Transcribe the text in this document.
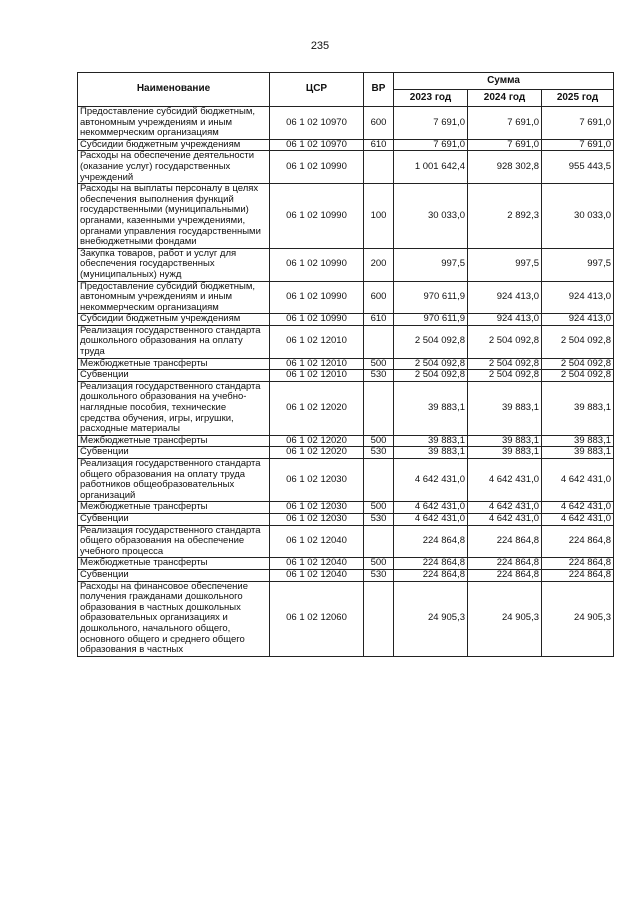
235
Наименование	ЦСР	ВР	Сумма		
			2023 год	2024 год	2025 год
Предоставление субсидий бюджетным, автономным учреждениям и иным некоммерческим организациям	06 1 02 10970	600	7 691,0	7 691,0	7 691,0
Субсидии бюджетным учреждениям	06 1 02 10970	610	7 691,0	7 691,0	7 691,0
Расходы на обеспечение деятельности (оказание услуг) государственных учреждений	06 1 02 10990		1 001 642,4	928 302,8	955 443,5
Расходы на выплаты персоналу в целях обеспечения выполнения функций государственными (муниципальными) органами, казенными учреждениями, органами управления государственными внебюджетными фондами	06 1 02 10990	100	30 033,0	2 892,3	30 033,0
Закупка товаров, работ и услуг для обеспечения государственных (муниципальных) нужд	06 1 02 10990	200	997,5	997,5	997,5
Предоставление субсидий бюджетным, автономным учреждениям и иным некоммерческим организациям	06 1 02 10990	600	970 611,9	924 413,0	924 413,0
Субсидии бюджетным учреждениям	06 1 02 10990	610	970 611,9	924 413,0	924 413,0
Реализация государственного стандарта дошкольного образования на оплату труда	06 1 02 12010		2 504 092,8	2 504 092,8	2 504 092,8
Межбюджетные трансферты	06 1 02 12010	500	2 504 092,8	2 504 092,8	2 504 092,8
Субвенции	06 1 02 12010	530	2 504 092,8	2 504 092,8	2 504 092,8
Реализация государственного стандарта дошкольного образования на учебно-наглядные пособия, технические средства обучения, игры, игрушки, расходные материалы	06 1 02 12020		39 883,1	39 883,1	39 883,1
Межбюджетные трансферты	06 1 02 12020	500	39 883,1	39 883,1	39 883,1
Субвенции	06 1 02 12020	530	39 883,1	39 883,1	39 883,1
Реализация государственного стандарта общего образования на оплату труда работников общеобразовательных организаций	06 1 02 12030		4 642 431,0	4 642 431,0	4 642 431,0
Межбюджетные трансферты	06 1 02 12030	500	4 642 431,0	4 642 431,0	4 642 431,0
Субвенции	06 1 02 12030	530	4 642 431,0	4 642 431,0	4 642 431,0
Реализация государственного стандарта общего образования на обеспечение учебного процесса	06 1 02 12040		224 864,8	224 864,8	224 864,8
Межбюджетные трансферты	06 1 02 12040	500	224 864,8	224 864,8	224 864,8
Субвенции	06 1 02 12040	530	224 864,8	224 864,8	224 864,8
Расходы на финансовое обеспечение получения гражданами дошкольного образования в частных дошкольных образовательных организациях и дошкольного, начального общего, основного общего и среднего общего образования в частных	06 1 02 12060		24 905,3	24 905,3	24 905,3
